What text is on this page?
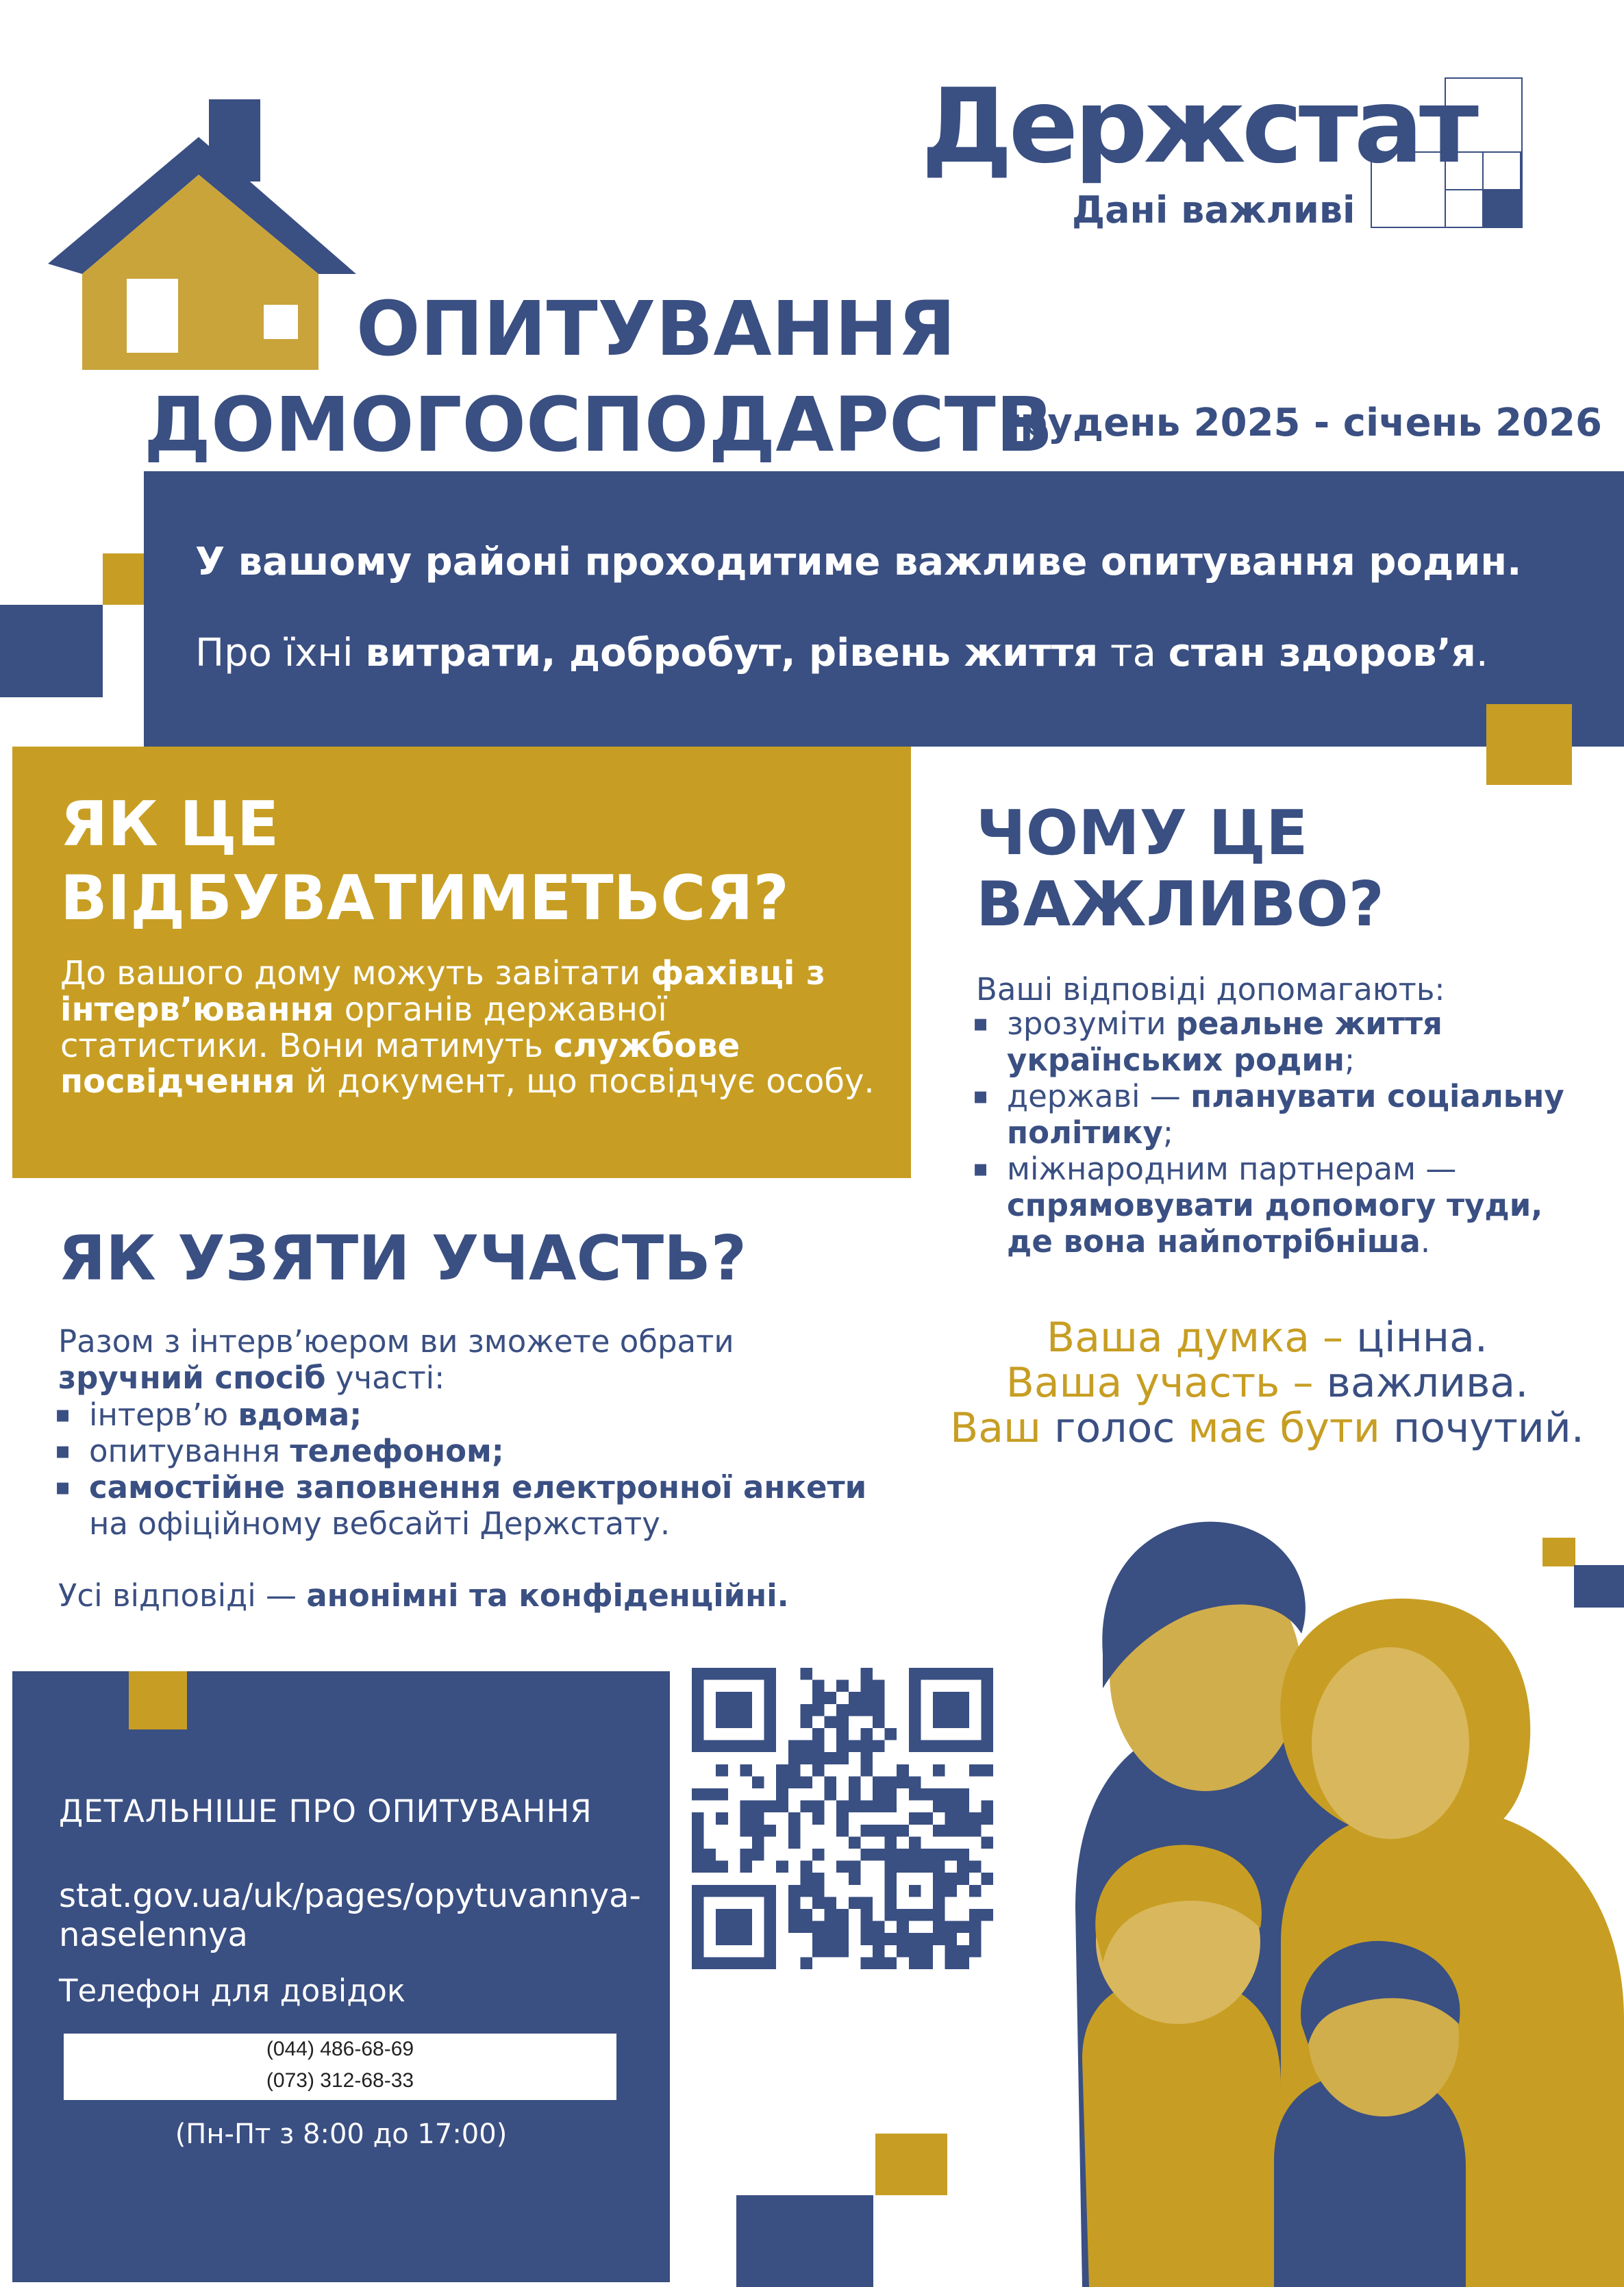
Держстат
Дані важливі
ОПИТУВАННЯ
ДОМОГОСПОДАРСТВ
грудень 2025 - січень 2026
У вашому районі проходитиме важливе опитування родин.
Про їхні витрати, добробут, рівень життя та стан здоров’я.
ЯК ЦЕ
ВІДБУВАТИМЕТЬСЯ?

До вашого дому можуть завітати фахівці з інтерв’ювання органів державної статистики. Вони матимуть службове посвідчення й документ, що посвідчує особу.

ЧОМУ ЦЕ
ВАЖЛИВО?
Ваші відповіді допомагають:
▪ зрозуміти реальне життя українських родин;
▪ державі — планувати соціальну політику;
▪ міжнародним партнерам — спрямовувати допомогу туди, де вона найпотрібніша.
Ваша думка – цінна.
Ваша участь – важлива.
Ваш голос має бути почутий.
ЯК УЗЯТИ УЧАСТЬ?
Разом з інтерв’юером ви зможете обрати зручний спосіб участі:
▪ інтерв’ю вдома;
▪ опитування телефоном;
▪ самостійне заповнення електронної анкети на офіційному вебсайті Держстату.
Усі відповіді — анонімні та конфіденційні.
ДЕТАЛЬНІШЕ ПРО ОПИТУВАННЯ
stat.gov.ua/uk/pages/opytuvannya-naselennya
Телефон для довідок
(044) 486-68-69
(073) 312-68-33
(Пн-Пт з 8:00 до 17:00)
